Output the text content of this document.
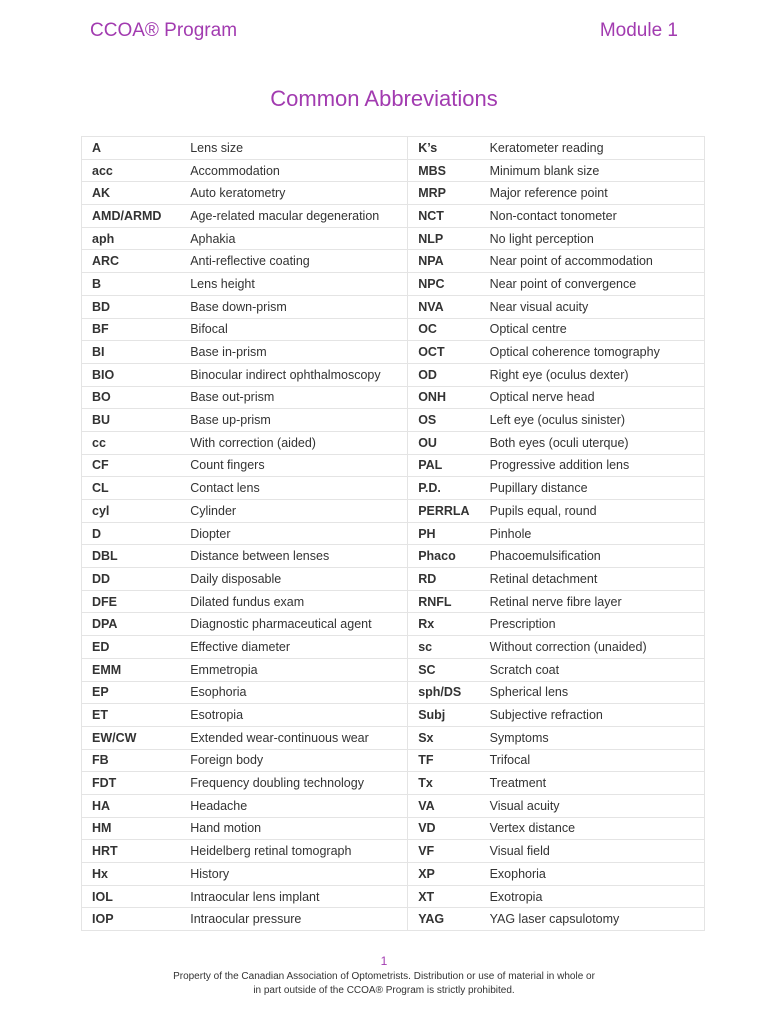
CCOA® Program	Module 1
Common Abbreviations
A	Lens size	K’s	Keratometer reading
acc	Accommodation	MBS	Minimum blank size
AK	Auto keratometry	MRP	Major reference point
AMD/ARMD	Age-related macular degeneration	NCT	Non-contact tonometer
aph	Aphakia	NLP	No light perception
ARC	Anti-reflective coating	NPA	Near point of accommodation
B	Lens height	NPC	Near point of convergence
BD	Base down-prism	NVA	Near visual acuity
BF	Bifocal	OC	Optical centre
BI	Base in-prism	OCT	Optical coherence tomography
BIO	Binocular indirect ophthalmoscopy	OD	Right eye (oculus dexter)
BO	Base out-prism	ONH	Optical nerve head
BU	Base up-prism	OS	Left eye (oculus sinister)
cc	With correction (aided)	OU	Both eyes (oculi uterque)
CF	Count fingers	PAL	Progressive addition lens
CL	Contact lens	P.D.	Pupillary distance
cyl	Cylinder	PERRLA	Pupils equal, round
D	Diopter	PH	Pinhole
DBL	Distance between lenses	Phaco	Phacoemulsification
DD	Daily disposable	RD	Retinal detachment
DFE	Dilated fundus exam	RNFL	Retinal nerve fibre layer
DPA	Diagnostic pharmaceutical agent	Rx	Prescription
ED	Effective diameter	sc	Without correction (unaided)
EMM	Emmetropia	SC	Scratch coat
EP	Esophoria	sph/DS	Spherical lens
ET	Esotropia	Subj	Subjective refraction
EW/CW	Extended wear-continuous wear	Sx	Symptoms
FB	Foreign body	TF	Trifocal
FDT	Frequency doubling technology	Tx	Treatment
HA	Headache	VA	Visual acuity
HM	Hand motion	VD	Vertex distance
HRT	Heidelberg retinal tomograph	VF	Visual field
Hx	History	XP	Exophoria
IOL	Intraocular lens implant	XT	Exotropia
IOP	Intraocular pressure	YAG	YAG laser capsulotomy
1
Property of the Canadian Association of Optometrists. Distribution or use of material in whole or
in part outside of the CCOA® Program is strictly prohibited.
